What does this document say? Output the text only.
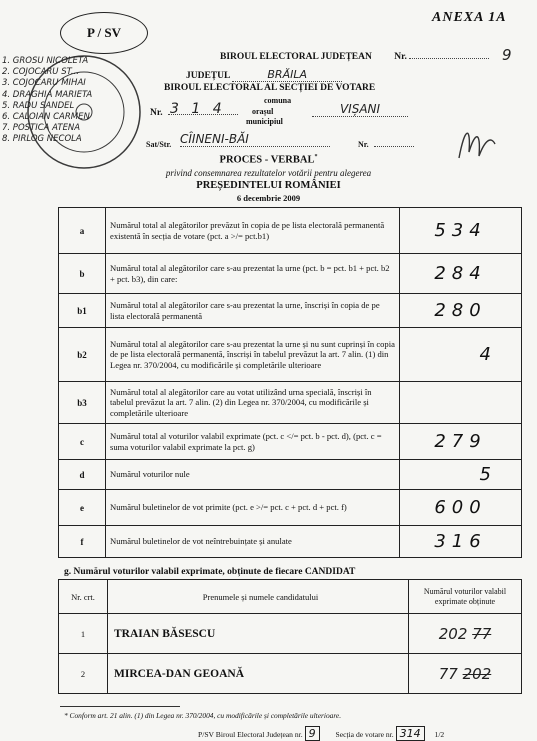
ANEXA 1A
P / SV
1. GROSU NICOLETA
2. COJOCARU ST...
3. COJOCARU MIHAI
4. DRAGHIA MARIETA
5. RADU SANDEL
6. CALOIAN CARMEN
7. POSTICA ATENA
8. PIRLOG NECOLA
BIROUL ELECTORAL JUDEȚEAN Nr.	9
JUDEȚUL	BRĂILA
BIROUL ELECTORAL AL SECȚIEI DE VOTARE
Nr. 3 1 4
comuna
orașul
municipiul
VIȘANI
Sat/Str. CÎINENI-BĂI	Nr.
PROCES - VERBAL*
privind consemnarea rezultatelor votării pentru alegerea
PREȘEDINTELUI ROMÂNIEI
6 decembrie 2009
a	Numărul total al alegătorilor prevăzut în copia de pe lista electorală permanentă existentă în secția de votare (pct. a >/= pct.b1)	534
b	Numărul total al alegătorilor care s-au prezentat la urne (pct. b = pct. b1 + pct. b2 + pct. b3), din care:	284
b1	Numărul total al alegătorilor care s-au prezentat la urne, înscriși în copia de pe lista electorală permanentă	280
b2	Numărul total al alegătorilor care s-au prezentat la urne și nu sunt cuprinși în copia de pe lista electorală permanentă, înscriși în tabelul prevăzut la art. 7 alin. (1) din Legea nr. 370/2004, cu modificările și completările ulterioare	4
b3	Numărul total al alegătorilor care au votat utilizând urna specială, înscriși în tabelul prevăzut la art. 7 alin. (2) din Legea nr. 370/2004, cu modificările și completările ulterioare	
c	Numărul total al voturilor valabil exprimate (pct. c </= pct. b - pct. d), (pct. c = suma voturilor valabil exprimate la pct. g)	279
d	Numărul voturilor nule	5
e	Numărul buletinelor de vot primite (pct. e >/= pct. c + pct. d + pct. f)	600
f	Numărul buletinelor de vot neîntrebuințate și anulate	316
g. Numărul voturilor valabil exprimate, obținute de fiecare CANDIDAT
Nr. crt.	Prenumele și numele candidatului	Numărul voturilor valabil exprimate obținute
1	TRAIAN BĂSESCU	202 77
2	MIRCEA-DAN GEOANĂ	77 202
* Conform art. 21 alin. (1) din Legea nr. 370/2004, cu modificările și completările ulterioare.
P/SV Biroul Electoral Județean nr. 9	Secția de votare nr. 314 1/2
